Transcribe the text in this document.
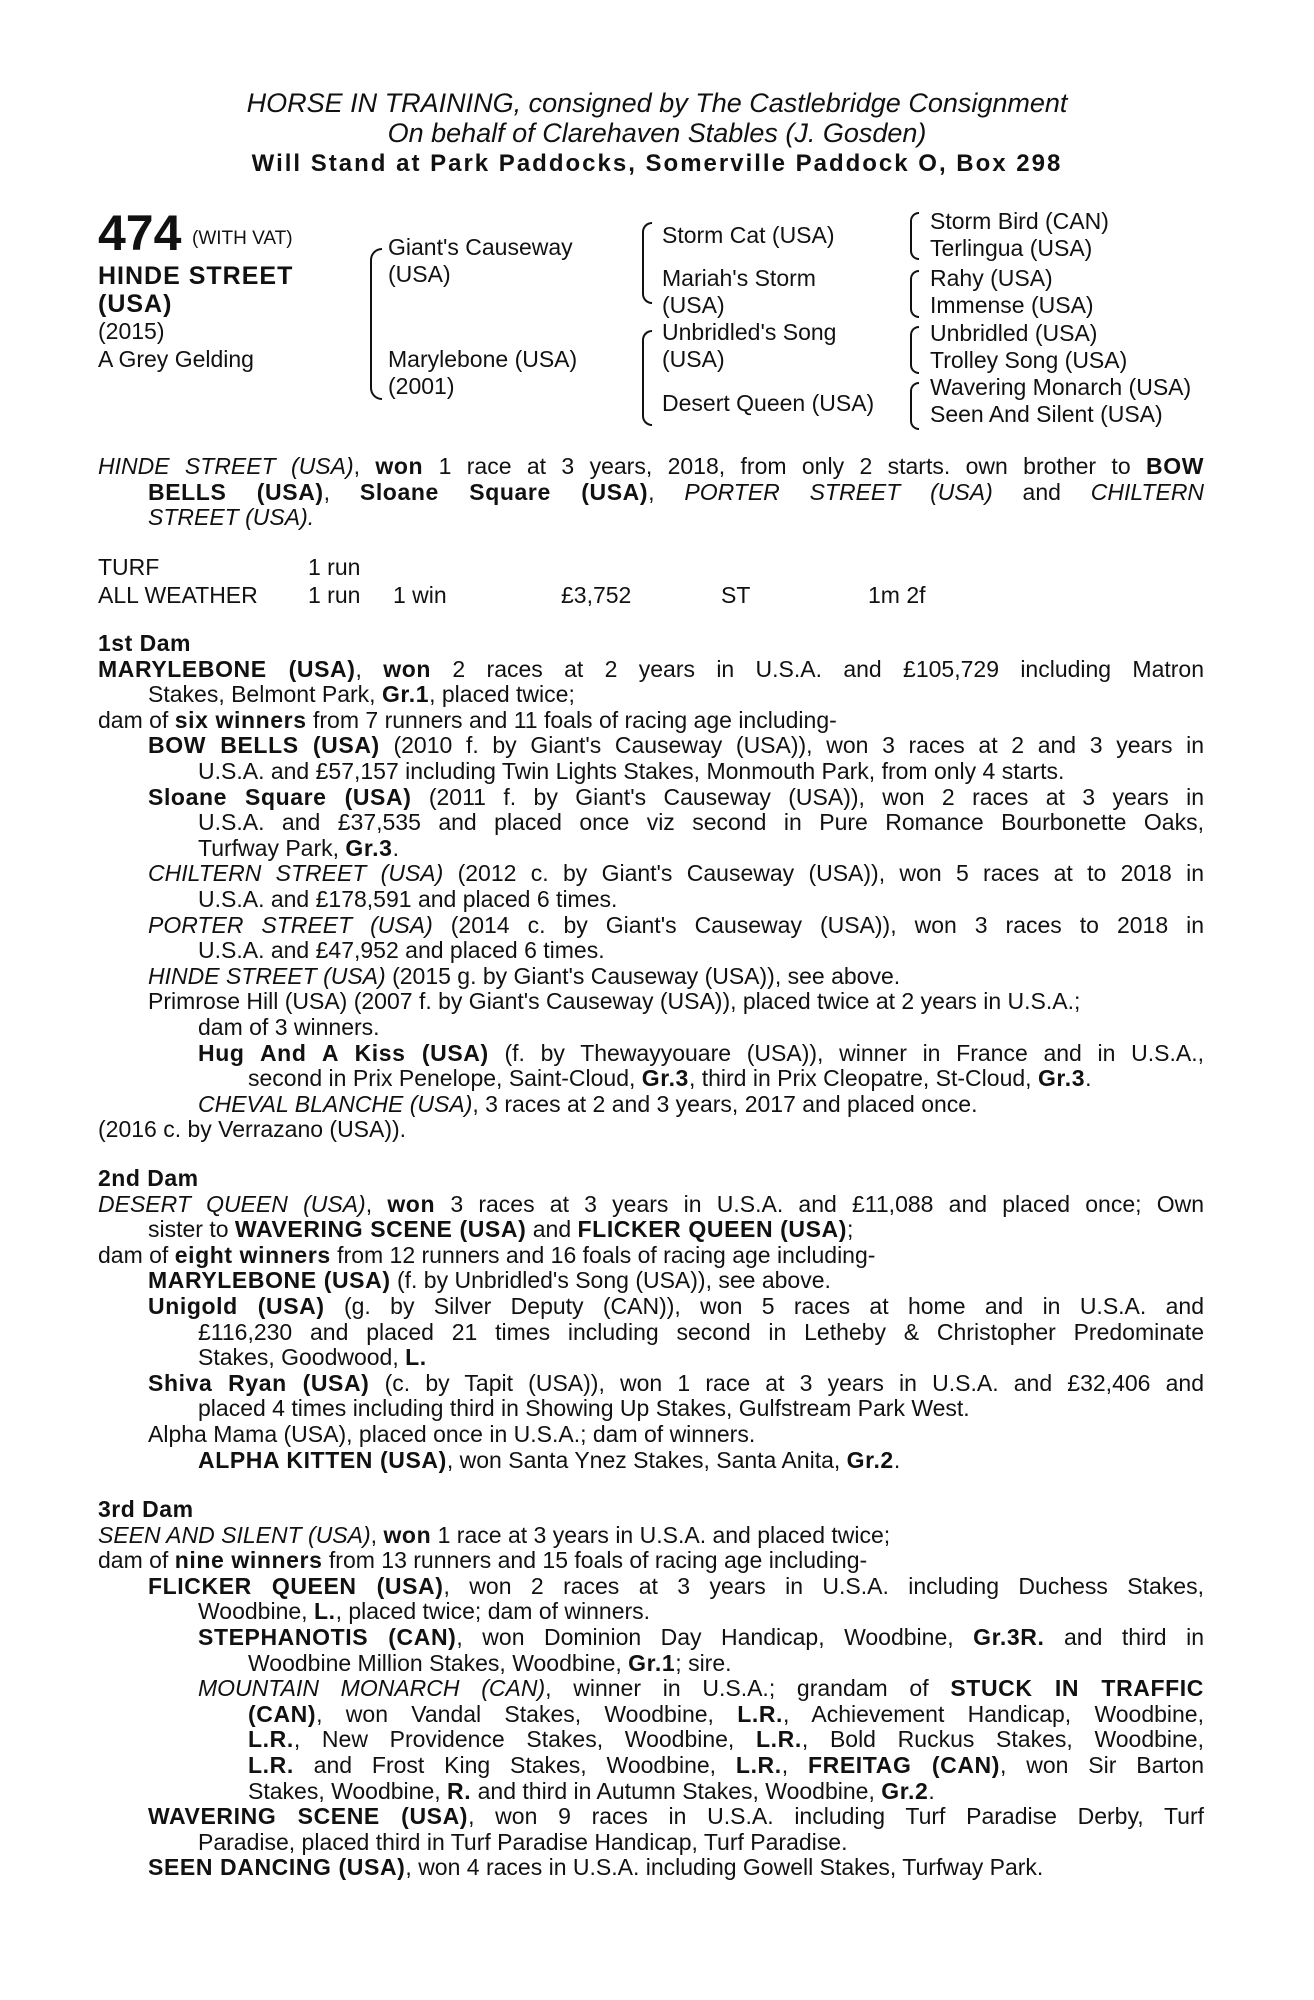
HORSE IN TRAINING, consigned by The Castlebridge Consignment
On behalf of Clarehaven Stables (J. Gosden)
Will Stand at Park Paddocks, Somerville Paddock O, Box 298
474 (WITH VAT)
HINDE STREET (USA)
(2015)
A Grey Gelding
Giant's Causeway (USA)
Marylebone (USA) (2001)
Storm Cat (USA)
Mariah's Storm (USA)
Unbridled's Song (USA)
Desert Queen (USA)
Storm Bird (CAN)
Terlingua (USA)
Rahy (USA)
Immense (USA)
Unbridled (USA)
Trolley Song (USA)
Wavering Monarch (USA)
Seen And Silent (USA)
HINDE STREET (USA), won 1 race at 3 years, 2018, from only 2 starts. own brother to BOW
BELLS (USA), Sloane Square (USA), PORTER STREET (USA) and CHILTERN
STREET (USA).
TURF	1 run				
ALL WEATHER	1 run	1 win	£3,752	ST	1m 2f
1st Dam
MARYLEBONE (USA), won 2 races at 2 years in U.S.A. and £105,729 including Matron
Stakes, Belmont Park, Gr.1, placed twice;
dam of six winners from 7 runners and 11 foals of racing age including-
BOW BELLS (USA) (2010 f. by Giant's Causeway (USA)), won 3 races at 2 and 3 years in
U.S.A. and £57,157 including Twin Lights Stakes, Monmouth Park, from only 4 starts.
Sloane Square (USA) (2011 f. by Giant's Causeway (USA)), won 2 races at 3 years in
U.S.A. and £37,535 and placed once viz second in Pure Romance Bourbonette Oaks,
Turfway Park, Gr.3.
CHILTERN STREET (USA) (2012 c. by Giant's Causeway (USA)), won 5 races at to 2018 in
U.S.A. and £178,591 and placed 6 times.
PORTER STREET (USA) (2014 c. by Giant's Causeway (USA)), won 3 races to 2018 in
U.S.A. and £47,952 and placed 6 times.
HINDE STREET (USA) (2015 g. by Giant's Causeway (USA)), see above.
Primrose Hill (USA) (2007 f. by Giant's Causeway (USA)), placed twice at 2 years in U.S.A.;
dam of 3 winners.
Hug And A Kiss (USA) (f. by Thewayyouare (USA)), winner in France and in U.S.A.,
second in Prix Penelope, Saint-Cloud, Gr.3, third in Prix Cleopatre, St-Cloud, Gr.3.
CHEVAL BLANCHE (USA), 3 races at 2 and 3 years, 2017 and placed once.
(2016 c. by Verrazano (USA)).
2nd Dam
DESERT QUEEN (USA), won 3 races at 3 years in U.S.A. and £11,088 and placed once; Own
sister to WAVERING SCENE (USA) and FLICKER QUEEN (USA);
dam of eight winners from 12 runners and 16 foals of racing age including-
MARYLEBONE (USA) (f. by Unbridled's Song (USA)), see above.
Unigold (USA) (g. by Silver Deputy (CAN)), won 5 races at home and in U.S.A. and
£116,230 and placed 21 times including second in Letheby & Christopher Predominate
Stakes, Goodwood, L.
Shiva Ryan (USA) (c. by Tapit (USA)), won 1 race at 3 years in U.S.A. and £32,406 and
placed 4 times including third in Showing Up Stakes, Gulfstream Park West.
Alpha Mama (USA), placed once in U.S.A.; dam of winners.
ALPHA KITTEN (USA), won Santa Ynez Stakes, Santa Anita, Gr.2.
3rd Dam
SEEN AND SILENT (USA), won 1 race at 3 years in U.S.A. and placed twice;
dam of nine winners from 13 runners and 15 foals of racing age including-
FLICKER QUEEN (USA), won 2 races at 3 years in U.S.A. including Duchess Stakes,
Woodbine, L., placed twice; dam of winners.
STEPHANOTIS (CAN), won Dominion Day Handicap, Woodbine, Gr.3R. and third in
Woodbine Million Stakes, Woodbine, Gr.1; sire.
MOUNTAIN MONARCH (CAN), winner in U.S.A.; grandam of STUCK IN TRAFFIC
(CAN), won Vandal Stakes, Woodbine, L.R., Achievement Handicap, Woodbine,
L.R., New Providence Stakes, Woodbine, L.R., Bold Ruckus Stakes, Woodbine,
L.R. and Frost King Stakes, Woodbine, L.R., FREITAG (CAN), won Sir Barton
Stakes, Woodbine, R. and third in Autumn Stakes, Woodbine, Gr.2.
WAVERING SCENE (USA), won 9 races in U.S.A. including Turf Paradise Derby, Turf
Paradise, placed third in Turf Paradise Handicap, Turf Paradise.
SEEN DANCING (USA), won 4 races in U.S.A. including Gowell Stakes, Turfway Park.
